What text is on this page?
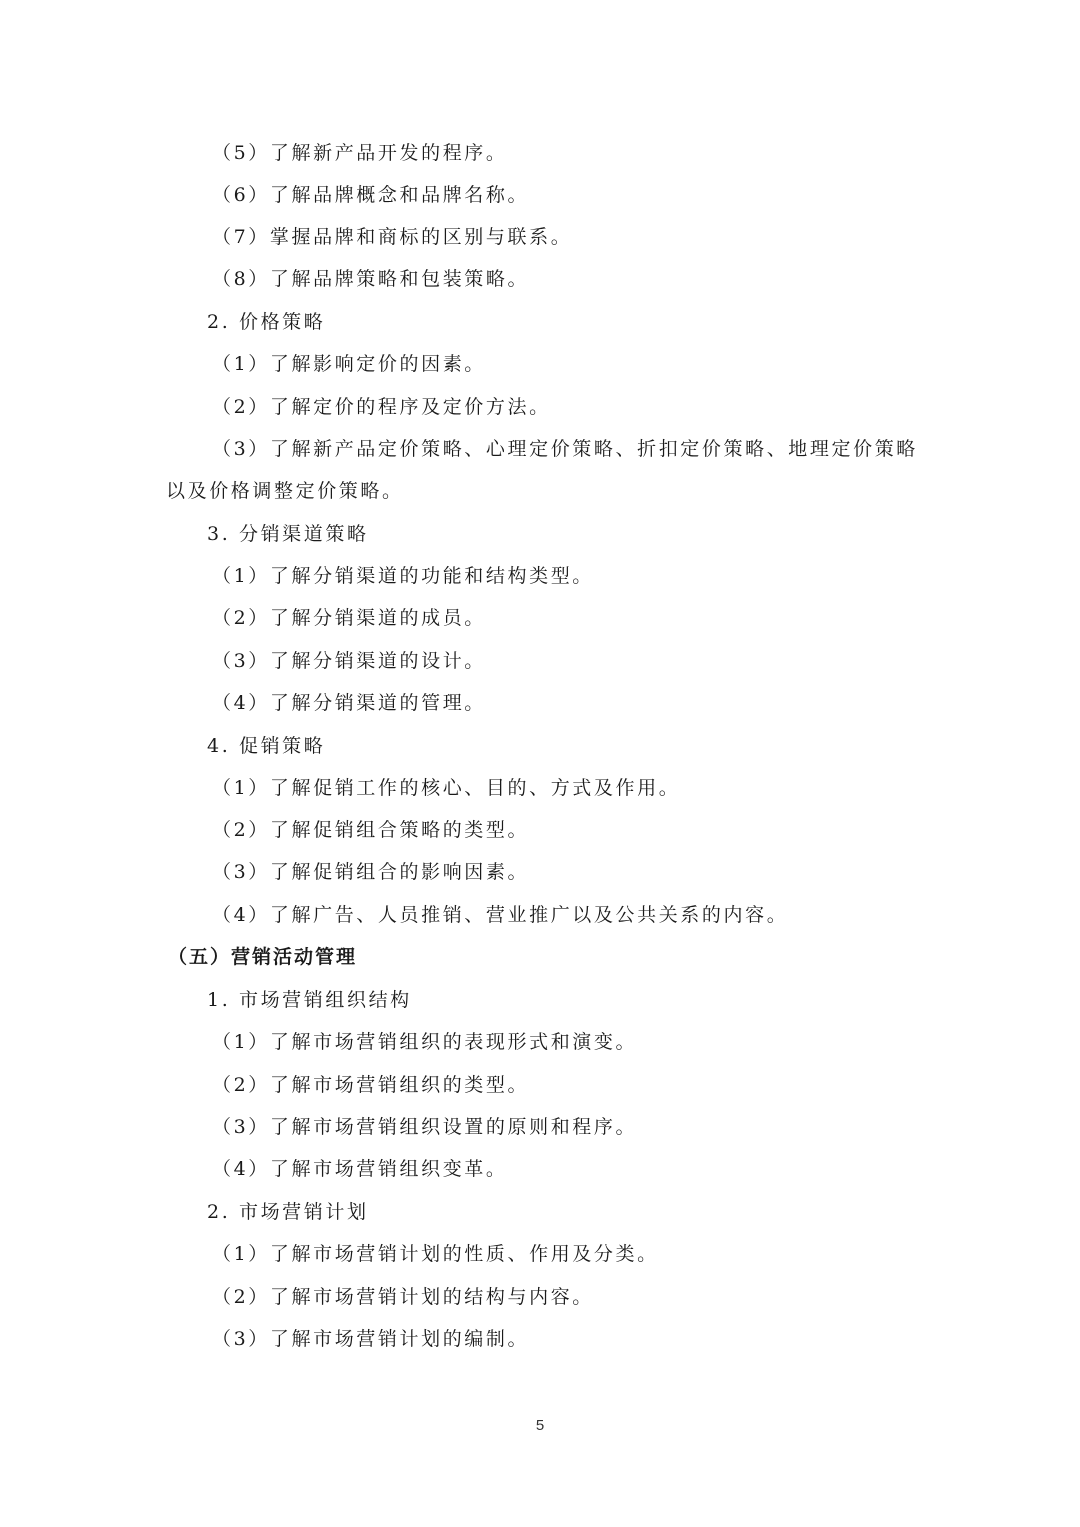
（5）了解新产品开发的程序。
（6）了解品牌概念和品牌名称。
（7）掌握品牌和商标的区别与联系。
（8）了解品牌策略和包装策略。
2. 价格策略
（1）了解影响定价的因素。
（2）了解定价的程序及定价方法。
（3）了解新产品定价策略、心理定价策略、折扣定价策略、地理定价策略
以及价格调整定价策略。
3. 分销渠道策略
（1）了解分销渠道的功能和结构类型。
（2）了解分销渠道的成员。
（3）了解分销渠道的设计。
（4）了解分销渠道的管理。
4. 促销策略
（1）了解促销工作的核心、目的、方式及作用。
（2）了解促销组合策略的类型。
（3）了解促销组合的影响因素。
（4）了解广告、人员推销、营业推广以及公共关系的内容。
（五）营销活动管理
1. 市场营销组织结构
（1）了解市场营销组织的表现形式和演变。
（2）了解市场营销组织的类型。
（3）了解市场营销组织设置的原则和程序。
（4）了解市场营销组织变革。
2. 市场营销计划
（1）了解市场营销计划的性质、作用及分类。
（2）了解市场营销计划的结构与内容。
（3）了解市场营销计划的编制。
5
